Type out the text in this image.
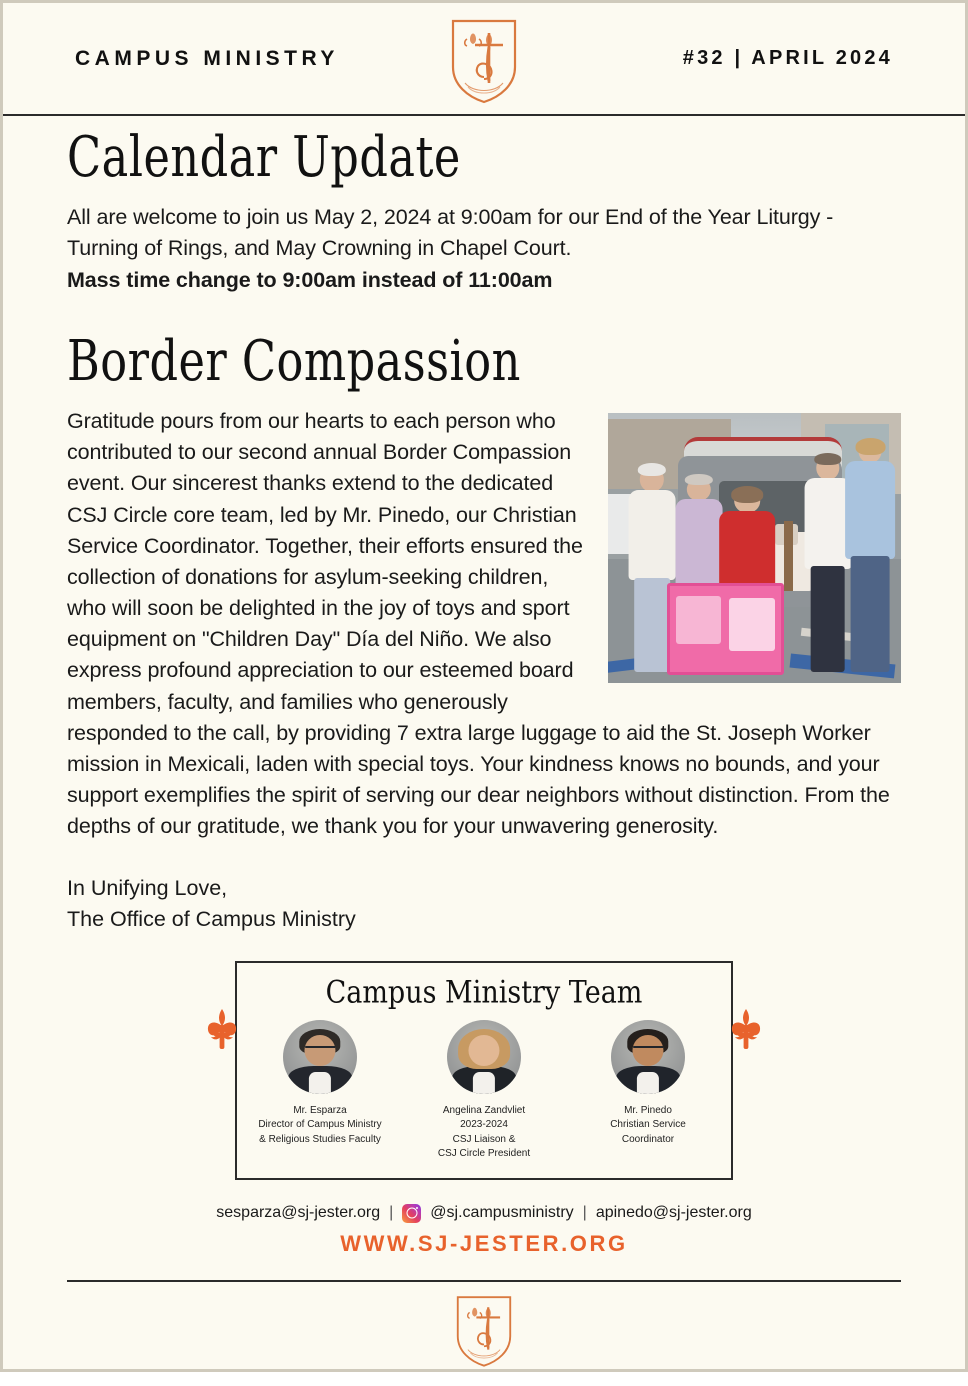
CAMPUS MINISTRY	#32 | APRIL 2024
Calendar Update

All are welcome to join us May 2, 2024 at 9:00am for our End of the Year Liturgy - Turning of Rings, and May Crowning in Chapel Court.

Mass time change to 9:00am instead of 11:00am

Border Compassion

Gratitude pours from our hearts to each person who contributed to our second annual Border Compassion event. Our sincerest thanks extend to the dedicated CSJ Circle core team, led by Mr. Pinedo, our Christian Service Coordinator. Together, their efforts ensured the collection of donations for asylum-seeking children, who will soon be delighted in the joy of toys and sport equipment on "Children Day" Día del Niño. We also express profound appreciation to our esteemed board members, faculty, and families who generously responded to the call, by providing 7 extra large luggage to aid the St. Joseph Worker mission in Mexicali, laden with special toys. Your kindness knows no bounds, and your support exemplifies the spirit of serving our dear neighbors without distinction. From the depths of our gratitude, we thank you for your unwavering generosity.

In Unifying Love,
The Office of Campus Ministry
Campus Ministry Team
Mr. Esparza
Director of Campus Ministry
& Religious Studies Faculty
Angelina Zandvliet
2023-2024
CSJ Liaison &
CSJ Circle President
Mr. Pinedo
Christian Service
Coordinator
sesparza@sj-jester.org | @sj.campusministry | apinedo@sj-jester.org
WWW.SJ-JESTER.ORG
